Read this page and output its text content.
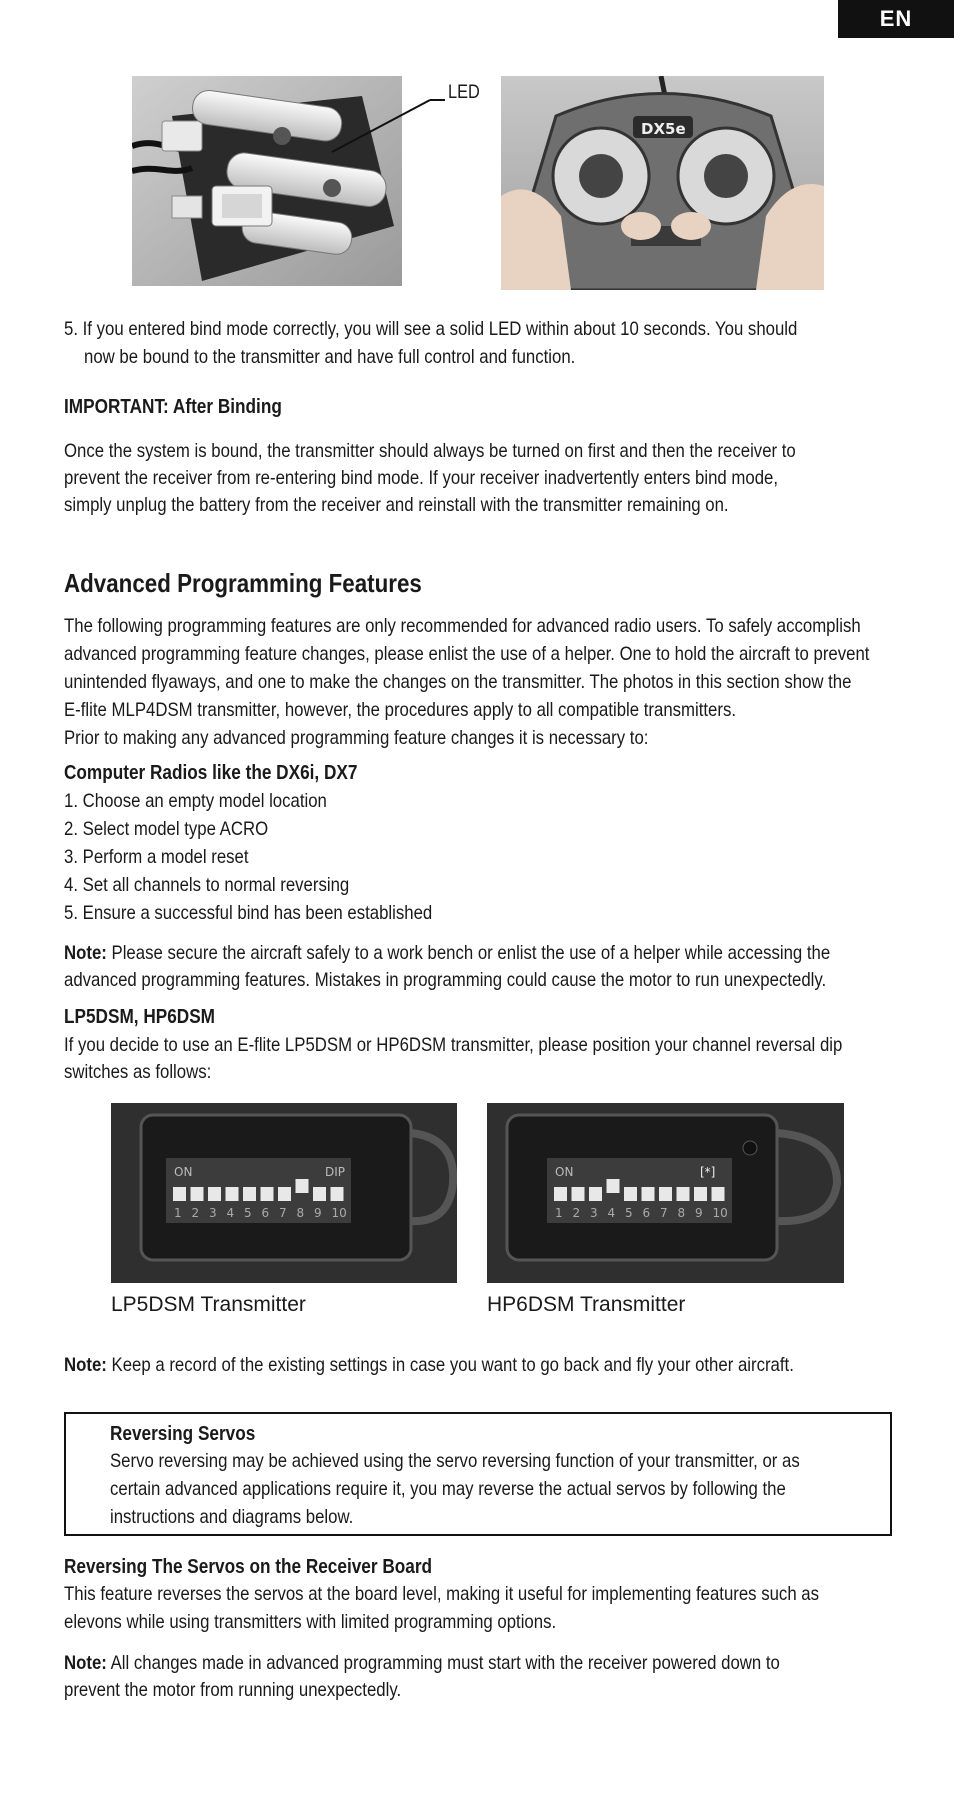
EN
LED
DX5e
5. If you entered bind mode correctly, you will see a solid LED within about 10 seconds. You should
now be bound to the transmitter and have full control and function.
IMPORTANT: After Binding
Once the system is bound, the transmitter should always be turned on first and then the receiver to
prevent the receiver from re-entering bind mode. If your receiver inadvertently enters bind mode,
simply unplug the battery from the receiver and reinstall with the transmitter remaining on.
Advanced Programming Features
The following programming features are only recommended for advanced radio users. To safely accomplish
advanced programming feature changes, please enlist the use of a helper. One to hold the aircraft to prevent
unintended flyaways, and one to make the changes on the transmitter. The photos in this section show the
E-flite MLP4DSM transmitter, however, the procedures apply to all compatible transmitters.
Prior to making any advanced programming feature changes it is necessary to:
Computer Radios like the DX6i, DX7
1. Choose an empty model location
2. Select model type ACRO
3. Perform a model reset
4. Set all channels to normal reversing
5. Ensure a successful bind has been established
Note: Please secure the aircraft safely to a work bench or enlist the use of a helper while accessing the
advanced programming features. Mistakes in programming could cause the motor to run unexpectedly.
LP5DSM, HP6DSM
If you decide to use an E-flite LP5DSM or HP6DSM transmitter, please position your channel reversal dip
switches as follows:
ON	DIP
1 2 3 4 5 6 7 8 9 10
ON	[*]
1 2 3 4 5 6 7 8 9 10
LP5DSM Transmitter	HP6DSM Transmitter
Note: Keep a record of the existing settings in case you want to go back and fly your other aircraft.
Reversing Servos
Servo reversing may be achieved using the servo reversing function of your transmitter, or as
certain advanced applications require it, you may reverse the actual servos by following the
instructions and diagrams below.
Reversing The Servos on the Receiver Board
This feature reverses the servos at the board level, making it useful for implementing features such as
elevons while using transmitters with limited programming options.
Note: All changes made in advanced programming must start with the receiver powered down to
prevent the motor from running unexpectedly.
